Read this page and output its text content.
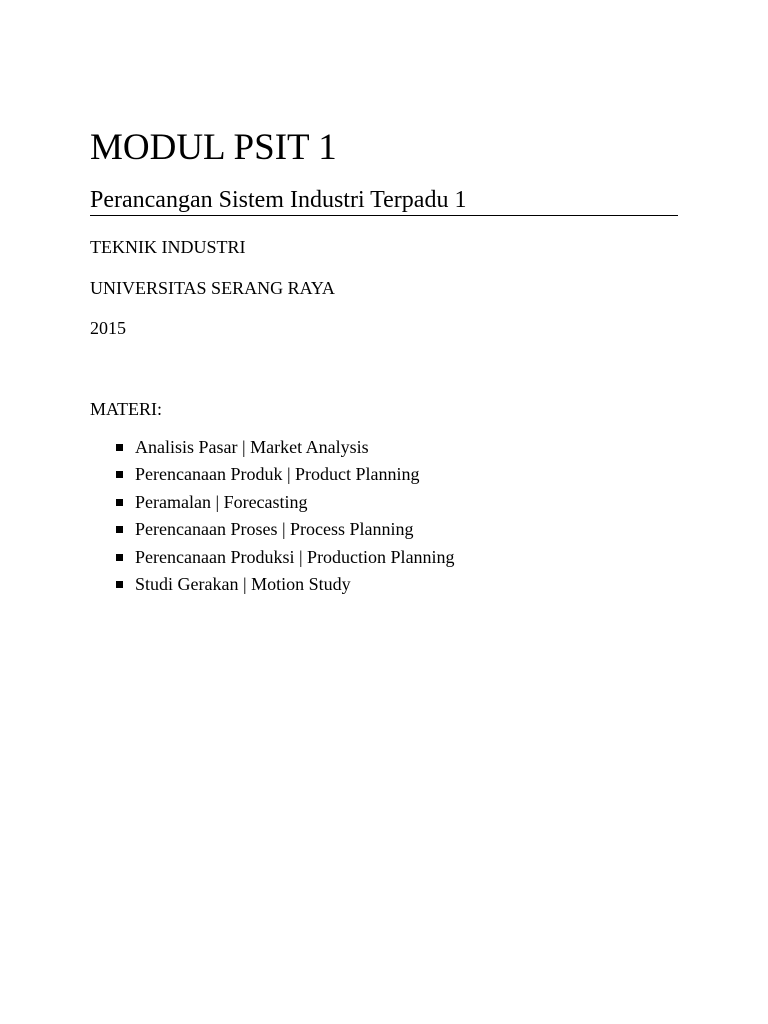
MODUL PSIT 1
Perancangan Sistem Industri Terpadu 1

TEKNIK INDUSTRI

UNIVERSITAS SERANG RAYA

2015

MATERI:
Analisis Pasar | Market Analysis
Perencanaan Produk | Product Planning
Peramalan | Forecasting
Perencanaan Proses | Process Planning
Perencanaan Produksi | Production Planning
Studi Gerakan | Motion Study
